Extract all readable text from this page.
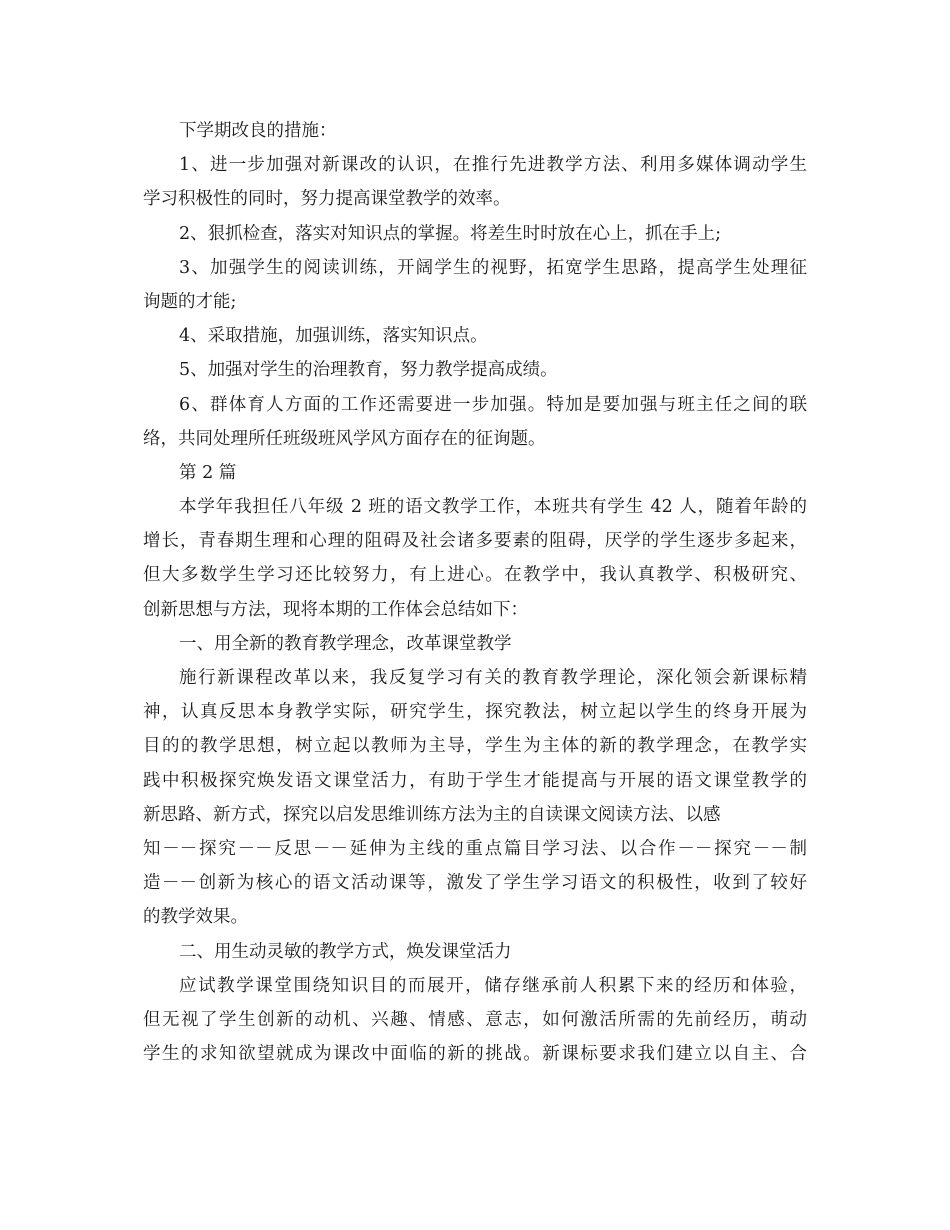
下学期改良的措施：
1、进一步加强对新课改的认识，在推行先进教学方法、利用多媒体调动学生
学习积极性的同时，努力提高课堂教学的效率。
2、狠抓检查，落实对知识点的掌握。将差生时时放在心上，抓在手上;
3、加强学生的阅读训练，开阔学生的视野，拓宽学生思路，提高学生处理征
询题的才能;
4、采取措施，加强训练，落实知识点。
5、加强对学生的治理教育，努力教学提高成绩。
6、群体育人方面的工作还需要进一步加强。特加是要加强与班主任之间的联
络，共同处理所任班级班风学风方面存在的征询题。
第 2 篇
本学年我担任八年级 2 班的语文教学工作，本班共有学生 42 人，随着年龄的
增长，青春期生理和心理的阻碍及社会诸多要素的阻碍，厌学的学生逐步多起来，
但大多数学生学习还比较努力，有上进心。在教学中，我认真教学、积极研究、
创新思想与方法，现将本期的工作体会总结如下：
一、用全新的教育教学理念，改革课堂教学
施行新课程改革以来，我反复学习有关的教育教学理论，深化领会新课标精
神，认真反思本身教学实际，研究学生，探究教法，树立起以学生的终身开展为
目的的教学思想，树立起以教师为主导，学生为主体的新的教学理念，在教学实
践中积极探究焕发语文课堂活力，有助于学生才能提高与开展的语文课堂教学的
新思路、新方式，探究以启发思维训练方法为主的自读课文阅读方法、以感
知－－探究－－反思－－延伸为主线的重点篇目学习法、以合作－－探究－－制
造－－创新为核心的语文活动课等，激发了学生学习语文的积极性，收到了较好
的教学效果。
二、用生动灵敏的教学方式，焕发课堂活力
应试教学课堂围绕知识目的而展开，储存继承前人积累下来的经历和体验，
但无视了学生创新的动机、兴趣、情感、意志，如何激活所需的先前经历，萌动
学生的求知欲望就成为课改中面临的新的挑战。新课标要求我们建立以自主、合
